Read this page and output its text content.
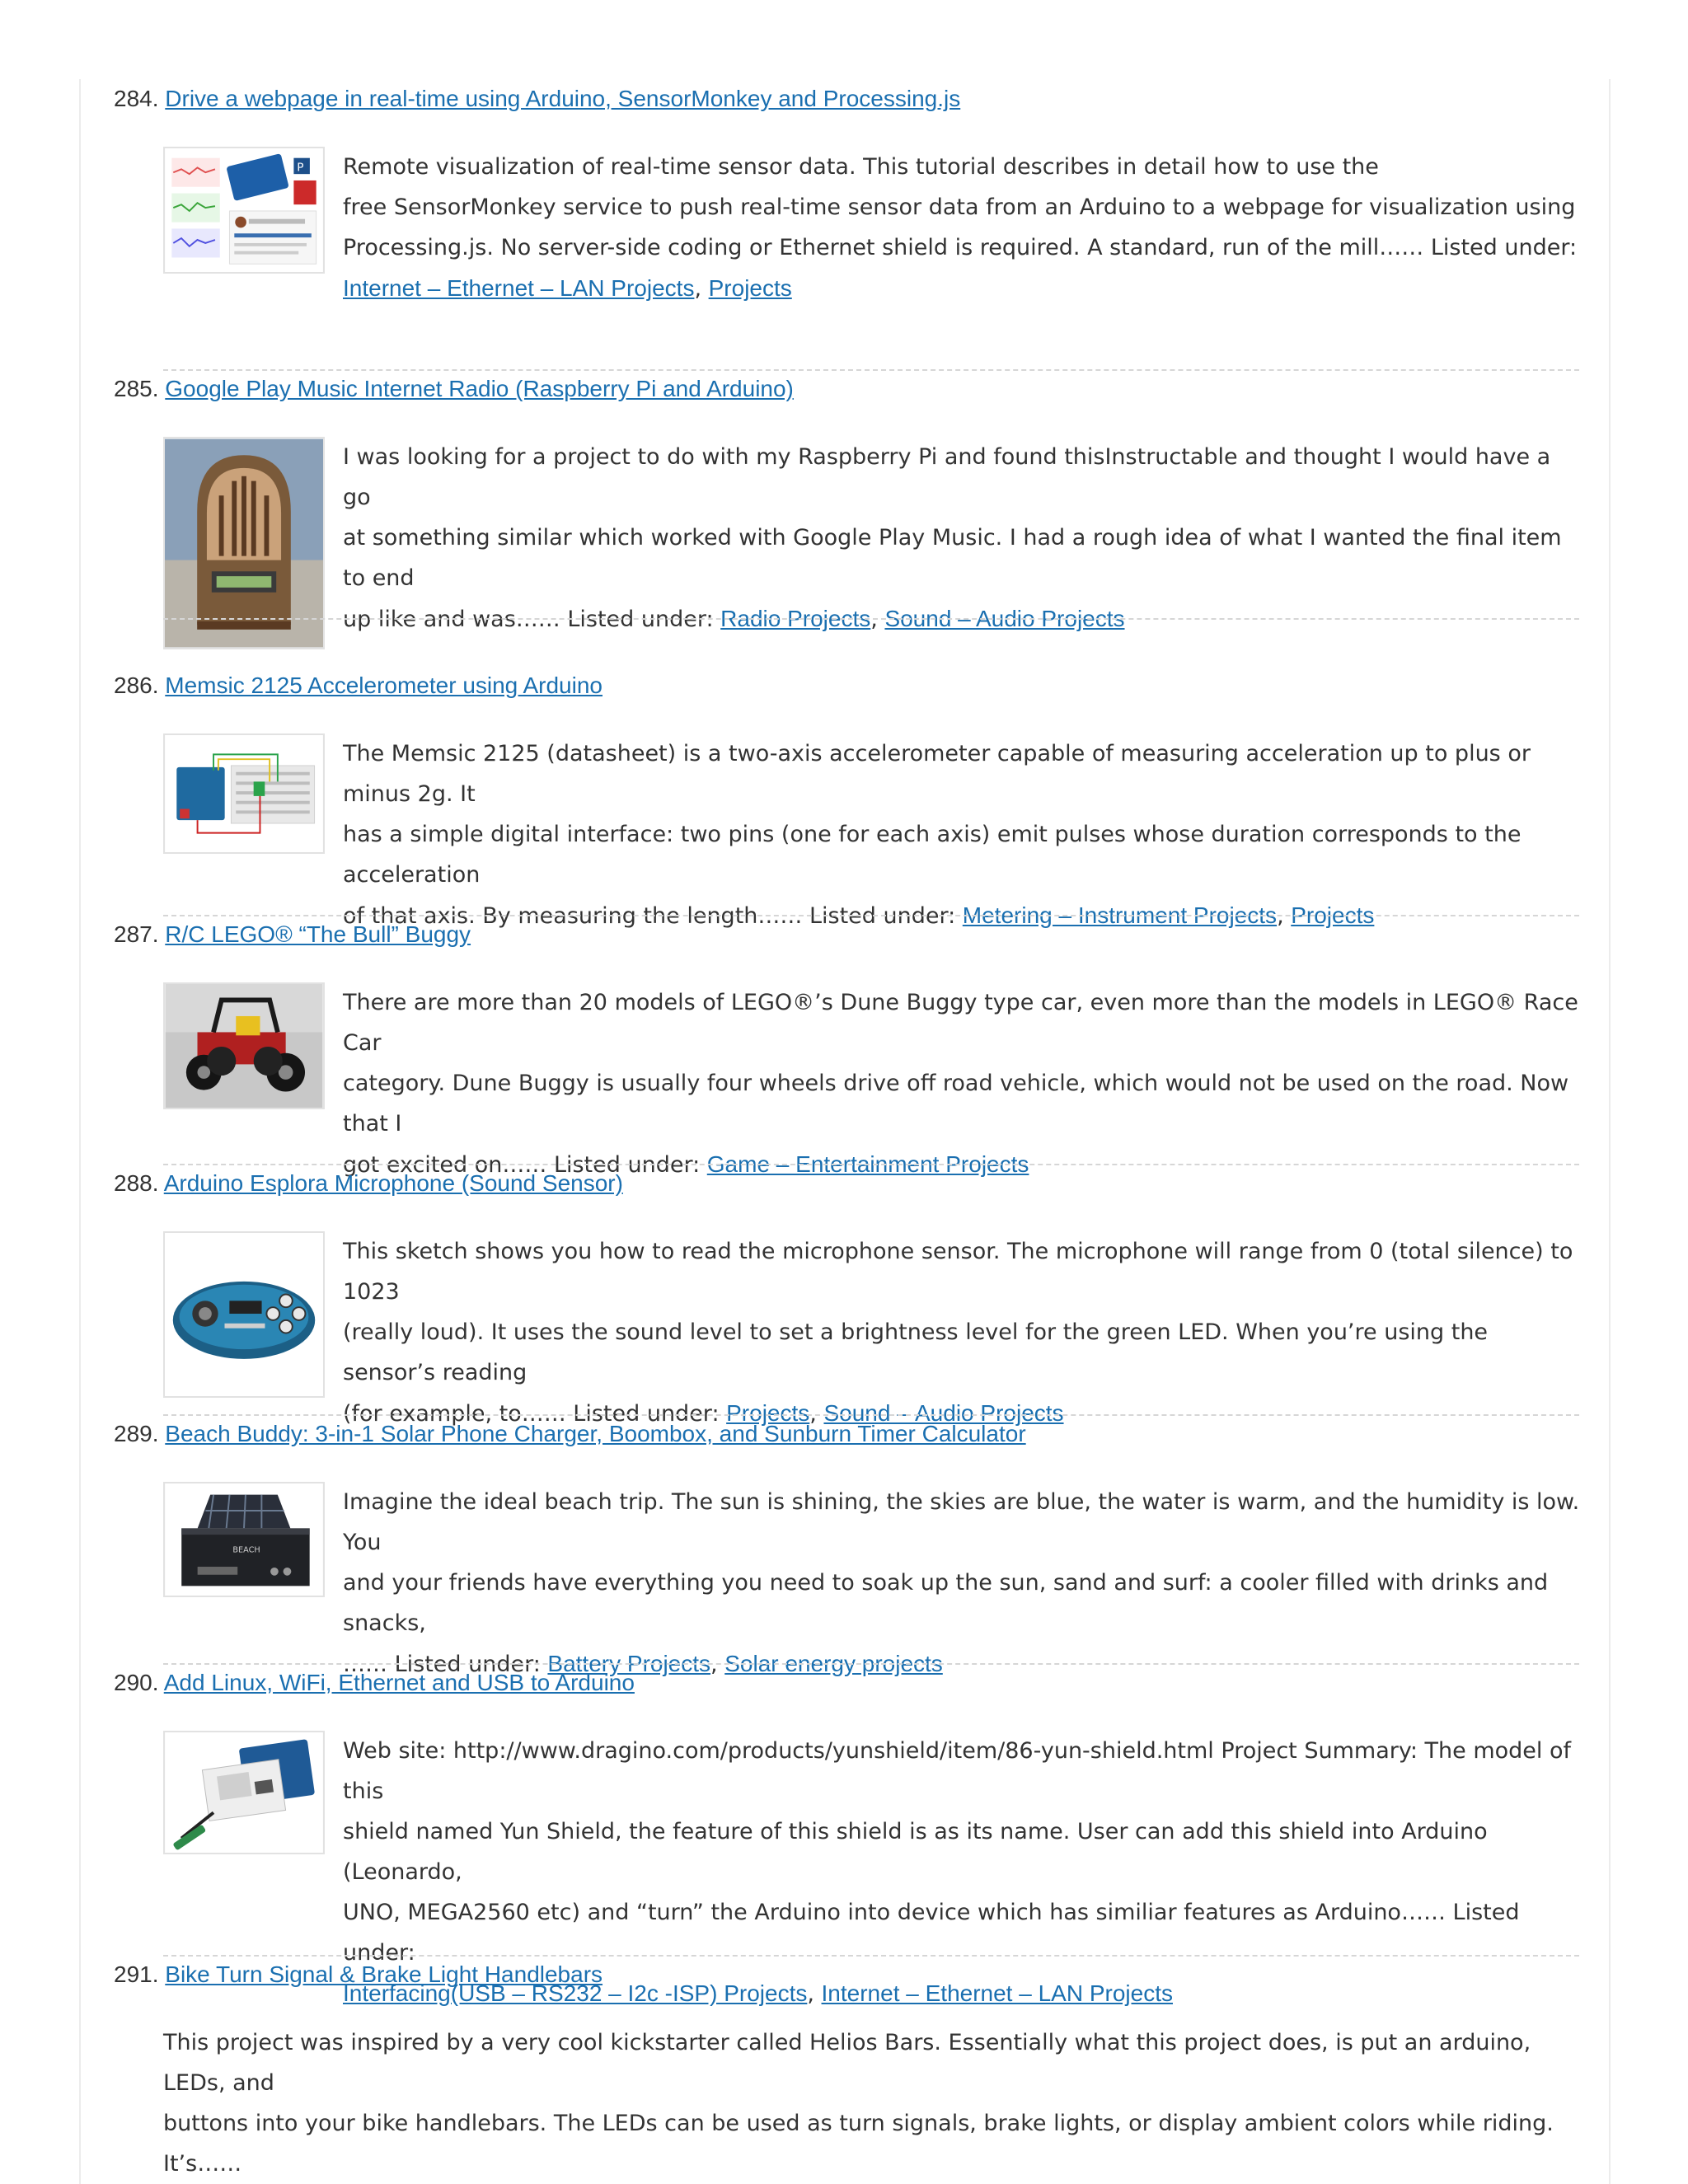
284. Drive a webpage in real-time using Arduino, SensorMonkey and Processing.js
P Remote visualization of real-time sensor data. This tutorial describes in detail how to use the
free SensorMonkey service to push real-time sensor data from an Arduino to a webpage for visualization using
Processing.js. No server-side coding or Ethernet shield is required. A standard, run of the mill…… Listed under: Internet – Ethernet – LAN Projects, Projects
285. Google Play Music Internet Radio (Raspberry Pi and Arduino)
I was looking for a project to do with my Raspberry Pi and found thisInstructable and thought I would have a go
at something similar which worked with Google Play Music. I had a rough idea of what I wanted the final item to end
up like and was…… Listed under: Radio Projects, Sound – Audio Projects
286. Memsic 2125 Accelerometer using Arduino
The Memsic 2125 (datasheet) is a two-axis accelerometer capable of measuring acceleration up to plus or minus 2g. It
has a simple digital interface: two pins (one for each axis) emit pulses whose duration corresponds to the acceleration
of that axis. By measuring the length…… Listed under: Metering – Instrument Projects, Projects
287. R/C LEGO® “The Bull” Buggy
There are more than 20 models of LEGO®’s Dune Buggy type car, even more than the models in LEGO® Race Car
category. Dune Buggy is usually four wheels drive off road vehicle, which would not be used on the road. Now that I
got excited on…… Listed under: Game – Entertainment Projects
288. Arduino Esplora Microphone (Sound Sensor)
This sketch shows you how to read the microphone sensor. The microphone will range from 0 (total silence) to 1023
(really loud). It uses the sound level to set a brightness level for the green LED. When you’re using the sensor’s reading
(for example, to…… Listed under: Projects, Sound – Audio Projects
289. Beach Buddy: 3-in-1 Solar Phone Charger, Boombox, and Sunburn Timer Calculator
BEACH
Imagine the ideal beach trip. The sun is shining, the skies are blue, the water is warm, and the humidity is low. You
and your friends have everything you need to soak up the sun, sand and surf: a cooler filled with drinks and snacks,
…… Listed under: Battery Projects, Solar energy projects
290. Add Linux, WiFi, Ethernet and USB to Arduino
Web site: http://www.dragino.com/products/yunshield/item/86-yun-shield.html Project Summary: The model of this
shield named Yun Shield, the feature of this shield is as its name. User can add this shield into Arduino (Leonardo,
UNO, MEGA2560 etc) and “turn” the Arduino into device which has similiar features as Arduino…… Listed under:
Interfacing(USB – RS232 – I2c -ISP) Projects, Internet – Ethernet – LAN Projects
291. Bike Turn Signal & Brake Light Handlebars
This project was inspired by a very cool kickstarter called Helios Bars. Essentially what this project does, is put an arduino, LEDs, and
buttons into your bike handlebars. The LEDs can be used as turn signals, brake lights, or display ambient colors while riding. It’s……
